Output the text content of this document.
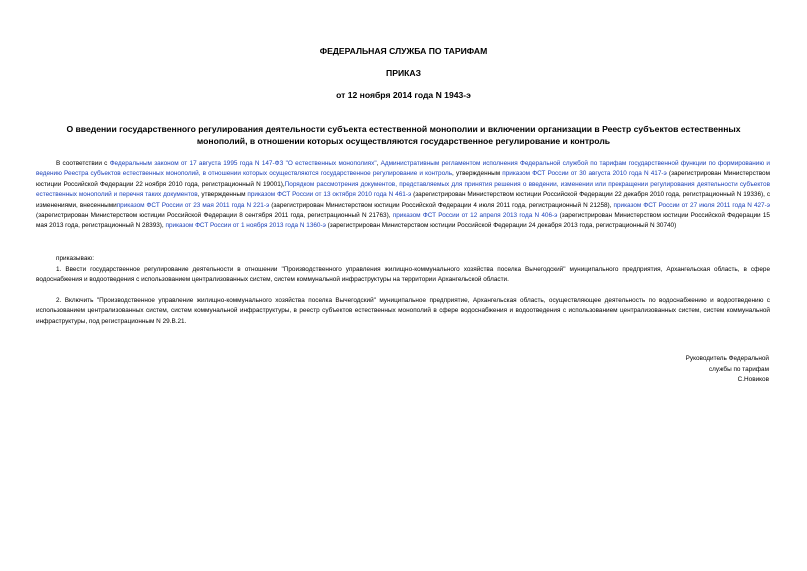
ФЕДЕРАЛЬНАЯ СЛУЖБА ПО ТАРИФАМ
ПРИКАЗ
от 12 ноября 2014 года N 1943-э
О введении государственного регулирования деятельности субъекта естественной монополии и включении организации в Реестр субъектов естественных
монополий, в отношении которых осуществляются государственное регулирование и контроль
В соответствии с Федеральным законом от 17 августа 1995 года N 147-ФЗ "О естественных монополиях", Административным регламентом исполнения Федеральной службой по тарифам государственной функции по формированию и ведению Реестра субъектов естественных монополий, в отношении которых осуществляются государственное регулирование и контроль, утвержденным приказом ФСТ России от 30 августа 2010 года N 417-э (зарегистрирован Министерством юстиции Российской Федерации 22 ноября 2010 года, регистрационный N 19001),Порядком рассмотрения документов, представляемых для принятия решения о введении, изменении или прекращении регулирования деятельности субъектов естественных монополий и перечня таких документов, утвержденным приказом ФСТ России от 13 октября 2010 года N 461-э (зарегистрирован Министерством юстиции Российской Федерации 22 декабря 2010 года, регистрационный N 19336), с изменениями, внесеннымиприказом ФСТ России от 23 мая 2011 года N 221-э (зарегистрирован Министерством юстиции Российской Федерации 4 июля 2011 года, регистрационный N 21258), приказом ФСТ России от 27 июля 2011 года N 427-э (зарегистрирован Министерством юстиции Российской Федерации 8 сентября 2011 года, регистрационный N 21763), приказом ФСТ России от 12 апреля 2013 года N 406-э (зарегистрирован Министерством юстиции Российской Федерации 15 мая 2013 года, регистрационный N 28393), приказом ФСТ России от 1 ноября 2013 года N 1360-э (зарегистрирован Министерством юстиции Российской Федерации 24 декабря 2013 года, регистрационный N 30740)
приказываю:
1. Ввести государственное регулирование деятельности в отношении "Производственного управления жилищно-коммунального хозяйства поселка Вычегодский" муниципального предприятия, Архангельская область, в сфере водоснабжения и водоотведения с использованием централизованных систем, систем коммунальной инфраструктуры на территории Архангельской области.
2. Включить "Производственное управление жилищно-коммунального хозяйства поселка Вычегодский" муниципальное предприятие, Архангельская область, осуществляющее деятельность по водоснабжению и водоотведению с использованием централизованных систем, систем коммунальной инфраструктуры, в реестр субъектов естественных монополий в сфере водоснабжения и водоотведения с использованием централизованных систем, систем коммунальной инфраструктуры, под регистрационным N 29.В.21.
Руководитель Федеральной
службы по тарифам
С.Новиков
